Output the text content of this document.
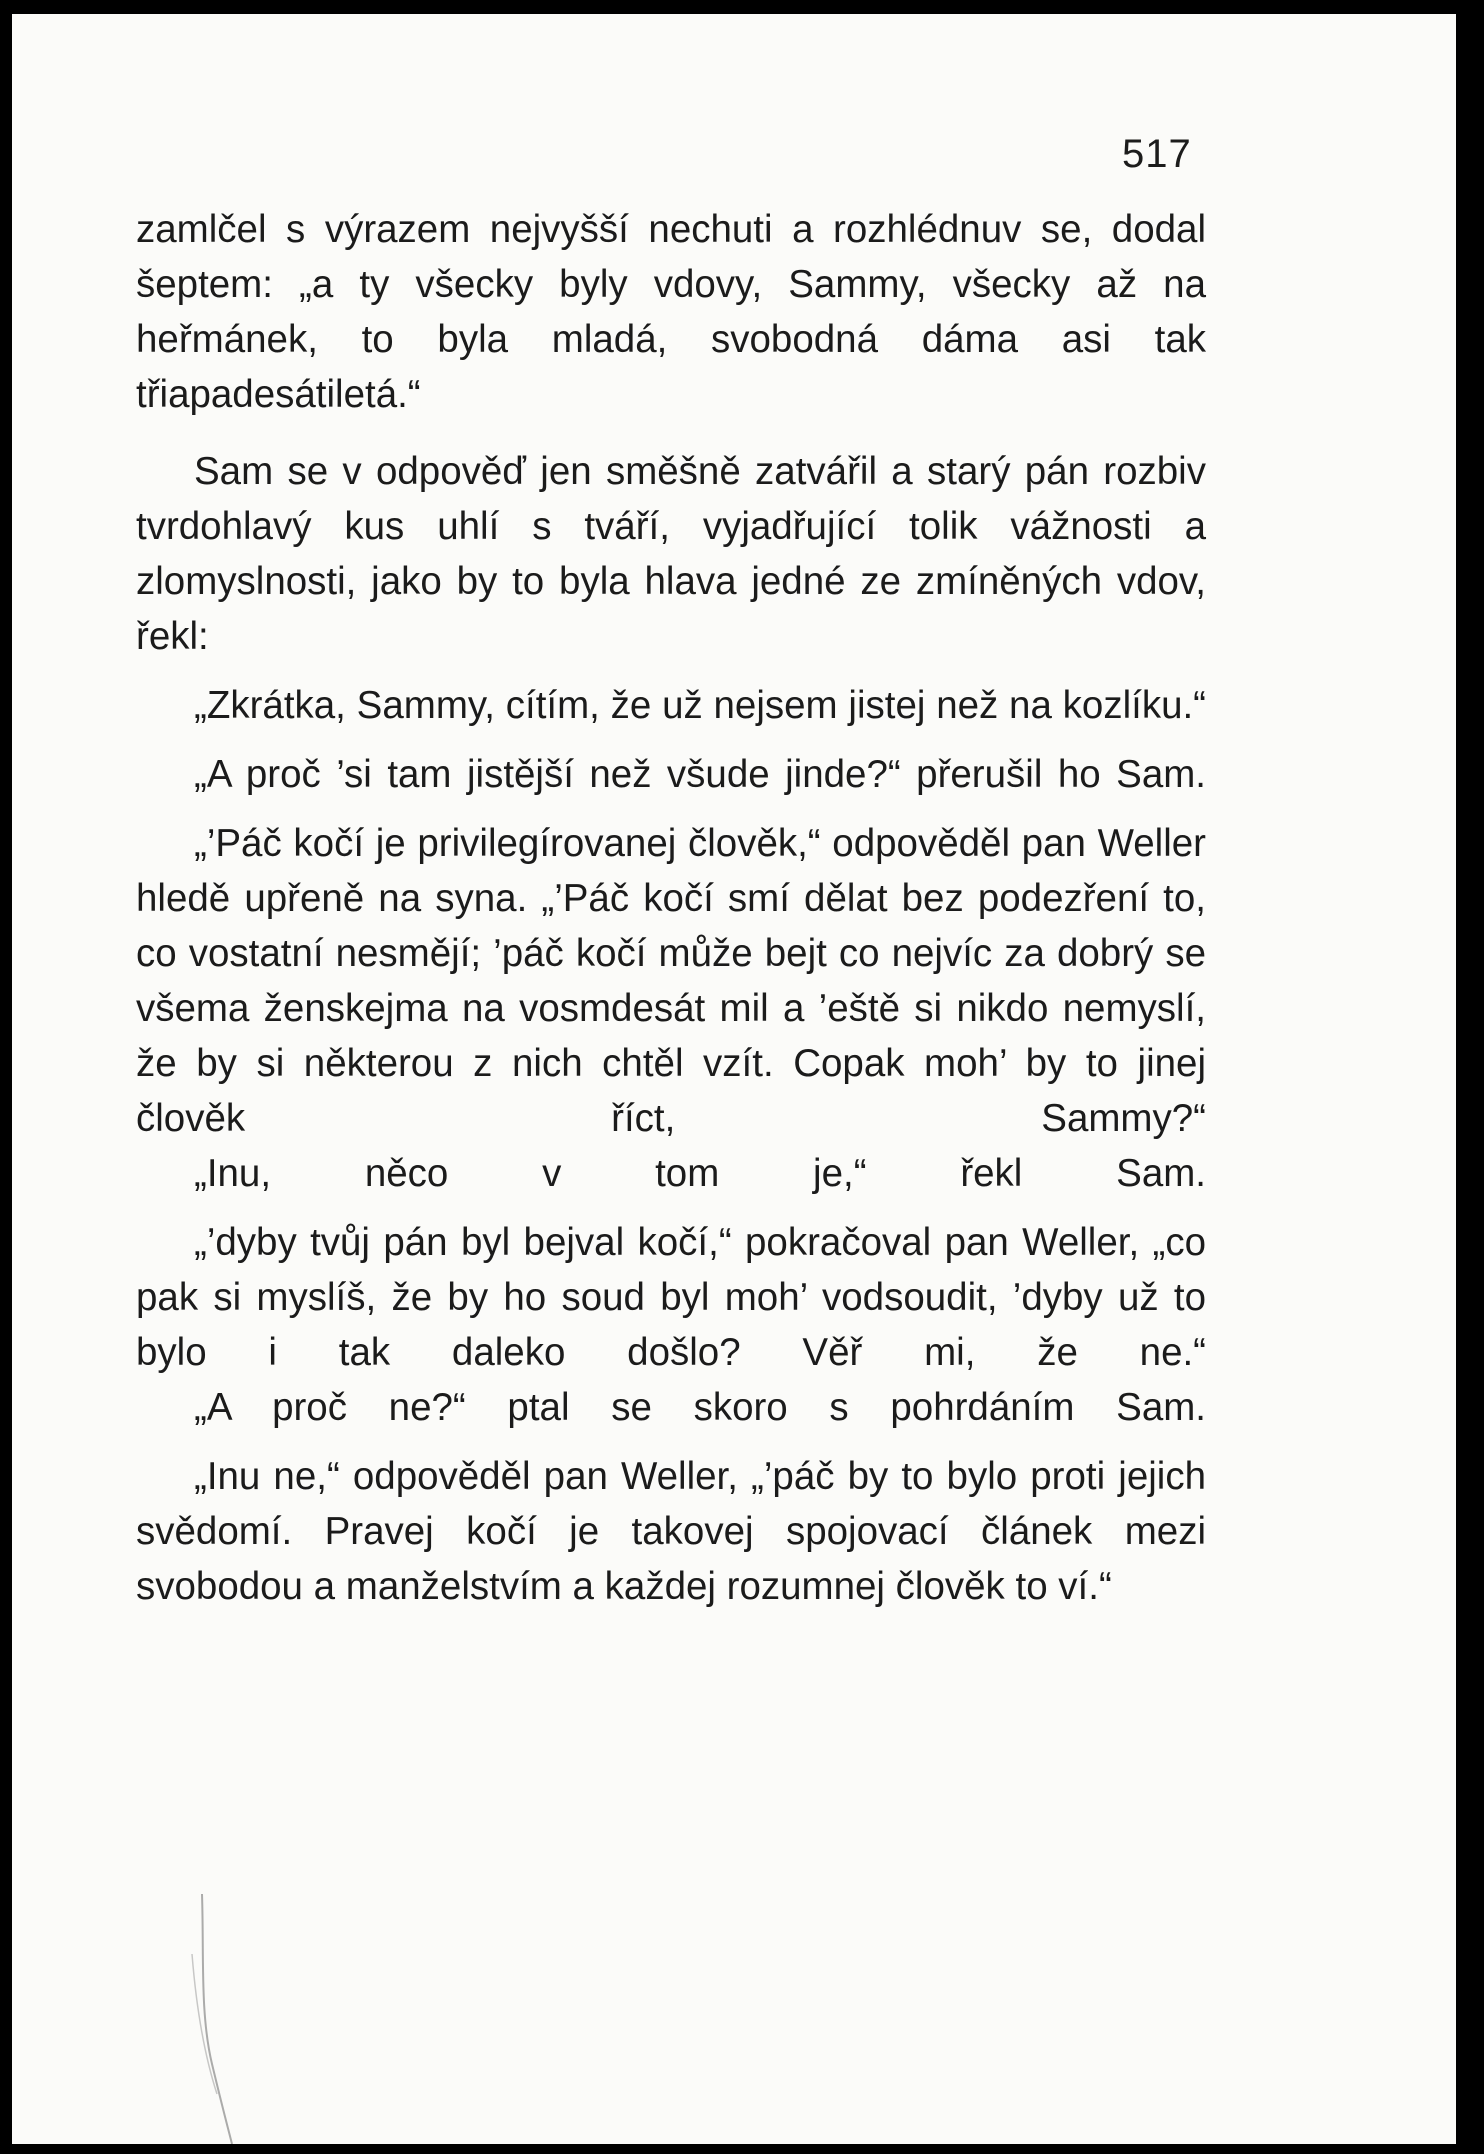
517

zamlčel s výrazem nejvyšší nechuti a rozhlédnuv se, dodal šeptem: „a ty všecky byly vdovy, Sammy, všecky až na heřmánek, to byla mladá, svobodná dáma asi tak třiapadesátiletá.“

Sam se v odpověď jen směšně zatvářil a starý pán rozbiv tvrdohlavý kus uhlí s tváří, vyjadřující tolik vážnosti a zlomyslnosti, jako by to byla hlava jedné ze zmíněných vdov, řekl:

„Zkrátka, Sammy, cítím, že už nejsem jistej než na kozlíku.“

„A proč ’si tam jistější než všude jinde?“ přerušil ho Sam.

„’Páč kočí je privilegírovanej člověk,“ odpověděl pan Weller hledě upřeně na syna. „’Páč kočí smí dělat bez podezření to, co vostatní nesmějí; ’páč kočí může bejt co nejvíc za dobrý se všema ženskejma na vosmdesát mil a ’eště si nikdo nemyslí, že by si některou z nich chtěl vzít. Copak moh’ by to jinej člověk říct, Sammy?“

„Inu, něco v tom je,“ řekl Sam.

„’dyby tvůj pán byl bejval kočí,“ pokračoval pan Weller, „co pak si myslíš, že by ho soud byl moh’ vodsoudit, ’dyby už to bylo i tak daleko došlo? Věř mi, že ne.“

„A proč ne?“ ptal se skoro s pohrdáním Sam.

„Inu ne,“ odpověděl pan Weller, „’páč by to bylo proti jejich svědomí. Pravej kočí je takovej spojovací článek mezi svobodou a manželstvím a každej rozumnej člověk to ví.“
